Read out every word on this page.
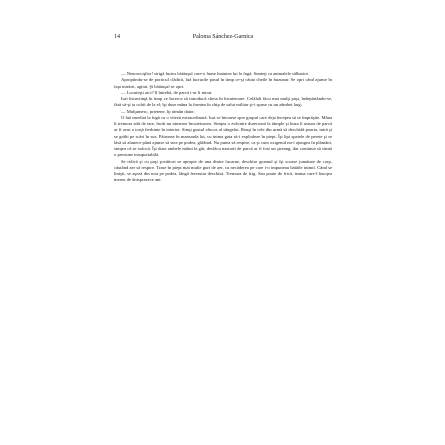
14	Paloma Sánchez-Garnica

— Nenorociţilor! strigă furios bătăuşul care-o luase înaintea lui la fugă. Sunteţi ca animalele sălbatice.

Apropiindu-se de porticul clădirii, luă lucrurile pasul în timp ce-şi căuta cheile în buzunar. Se opri când ajunse în faţa intrării, agitat. Şi bătăuşul se opri.

— Locuieşti aici? îl întrebă, de parcă i-ar fi mirat.

Iuri încuviinţă în timp ce încerca să introducă cheia în încuietoare. Celălalt făcu mai mulţi paşi, îndepărtându-se, fără să-şi ia ochii de la el; îşi duse mâna la fruntea în chip de salut militar şi-i spuse cu un zâmbet larg:

— Mulţumesc, prietene, îţi rămân dator.

O luă imediat la fugă cu o viteză extraordinară. Iuri se întoarse spre grupul care deja începea să se împrăştie. Mâna îi tremura atât de tare, încât nu nimerea încuietoarea. Simţea o zvâcnire dureroasă la tâmple şi buza îi ustura de parcă ar fi avut o torţă fierbinte în interior. Simţi gustul vâscos al sângelui. Reuşi în cele din urmă să deschidă poarta, intră şi se grăbi pe scări în sus. Pătrunse în mansarda lui, cu inima gata să-i explodeze în piept. Îşi lipi spatele de perete şi se lăsă să alunece până ajunse să stea pe podea, gâfâind. Nu putea să respire, ca şi cum oxigenul nu-i ajungea în plămâni, simţea că se sufocă. Îşi duse ambele mâini la gât, desfăcu nasturii de parcă ar fi fost un ştreang, dar continua să simtă o presiune insuportabilă.

Se ridică şi cu paşi şovăitori se apropie de una dintre lucarne, deschise geamul şi îşi scoase jumătate de corp, căutând aer să respire. Trase în piept mai multe guri de aer, cu necăderea pe care i-o impuneau bătăile inimii. Când se linişti, se aşeză din nou pe podea, lângă fereastra deschisă. Tremura de frig. Sau poate de frică, teama care-l însoţea mereu de doisprezece ani.
